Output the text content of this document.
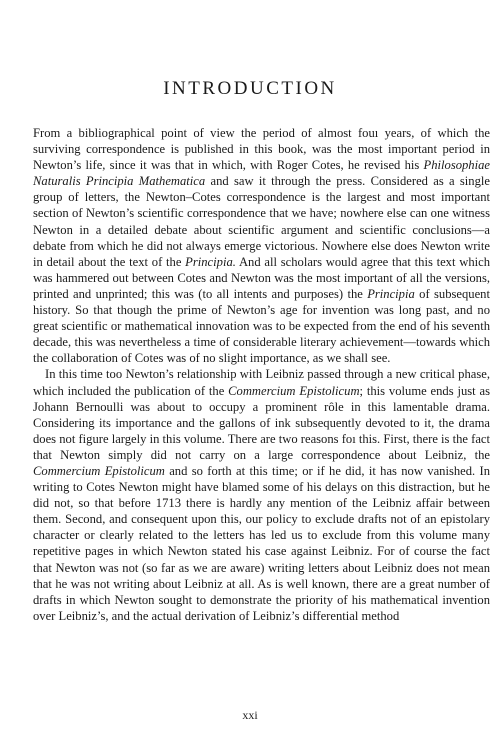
INTRODUCTION

From a bibliographical point of view the period of almost fouı years, of which the surviving correspondence is published in this book, was the most important period in Newton’s life, since it was that in which, with Roger Cotes, he revised his Philosophiae Naturalis Principia Mathematica and saw it through the press. Considered as a single group of letters, the Newton–Cotes correspondence is the largest and most important section of Newton’s scientific correspondence that we have; nowhere else can one witness Newton in a detailed debate about scientific argument and scientific conclusions—a debate from which he did not always emerge victorious. Nowhere else does Newton write in detail about the text of the Principia. And all scholars would agree that this text which was hammered out between Cotes and Newton was the most important of all the versions, printed and unprinted; this was (to all intents and purposes) the Principia of subsequent history. So that though the prime of Newton’s age for invention was long past, and no great scientific or mathematical innovation was to be expected from the end of his seventh decade, this was nevertheless a time of considerable literary achievement—towards which the collaboration of Cotes was of no slight importance, as we shall see.

In this time too Newton’s relationship with Leibniz passed through a new critical phase, which included the publication of the Commercium Epistolicum; this volume ends just as Johann Bernoulli was about to occupy a prominent rôle in this lamentable drama. Considering its importance and the gallons of ink subsequently devoted to it, the drama does not figure largely in this volume. There are two reasons foı this. First, there is the fact that Newton simply did not carry on a large correspondence about Leibniz, the Commercium Epistolicum and so forth at this time; or if he did, it has now vanished. In writing to Cotes Newton might have blamed some of his delays on this distraction, but he did not, so that before 1713 there is hardly any mention of the Leibniz affair between them. Second, and consequent upon this, our policy to exclude drafts not of an epistolary character or clearly related to the letters has led us to exclude from this volume many repetitive pages in which Newton stated his case against Leibniz. For of course the fact that Newton was not (so far as we are aware) writing letters about Leibniz does not mean that he was not writing about Leibniz at all. As is well known, there are a great number of drafts in which Newton sought to demonstrate the priority of his mathematical invention over Leibniz’s, and the actual derivation of Leibniz’s differential method

xxi
